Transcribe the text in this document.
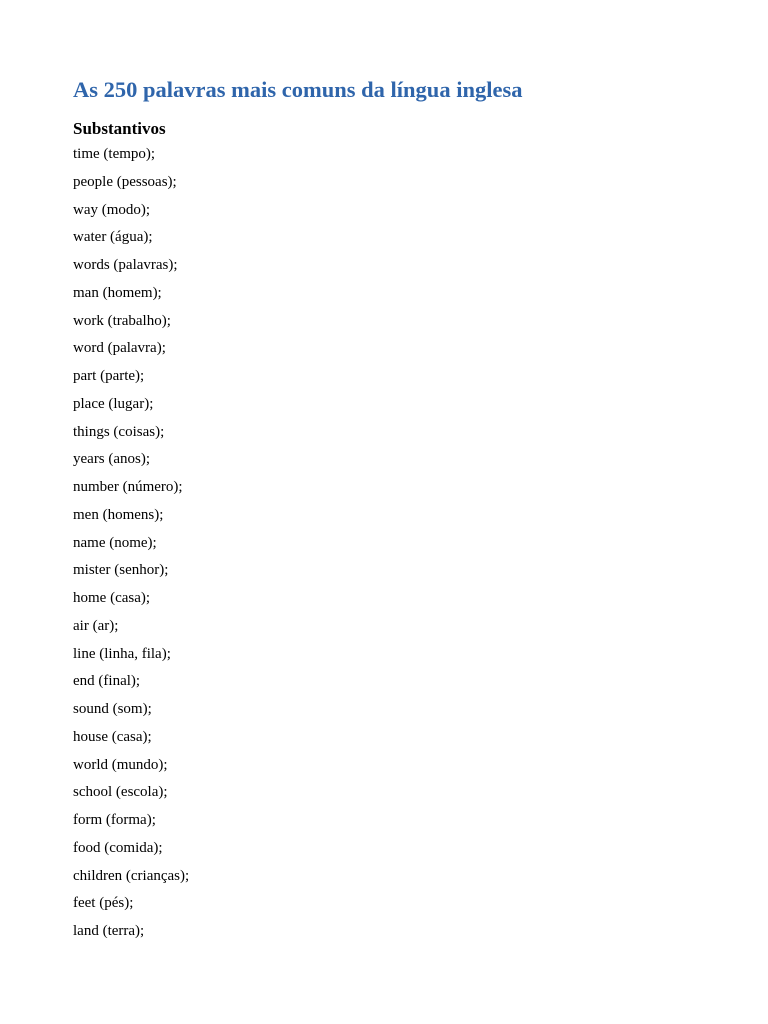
As 250 palavras mais comuns da língua inglesa
Substantivos
time (tempo);
people (pessoas);
way (modo);
water (água);
words (palavras);
man (homem);
work (trabalho);
word (palavra);
part (parte);
place (lugar);
things (coisas);
years (anos);
number (número);
men (homens);
name (nome);
mister (senhor);
home (casa);
air (ar);
line (linha, fila);
end (final);
sound (som);
house (casa);
world (mundo);
school (escola);
form (forma);
food (comida);
children (crianças);
feet (pés);
land (terra);
